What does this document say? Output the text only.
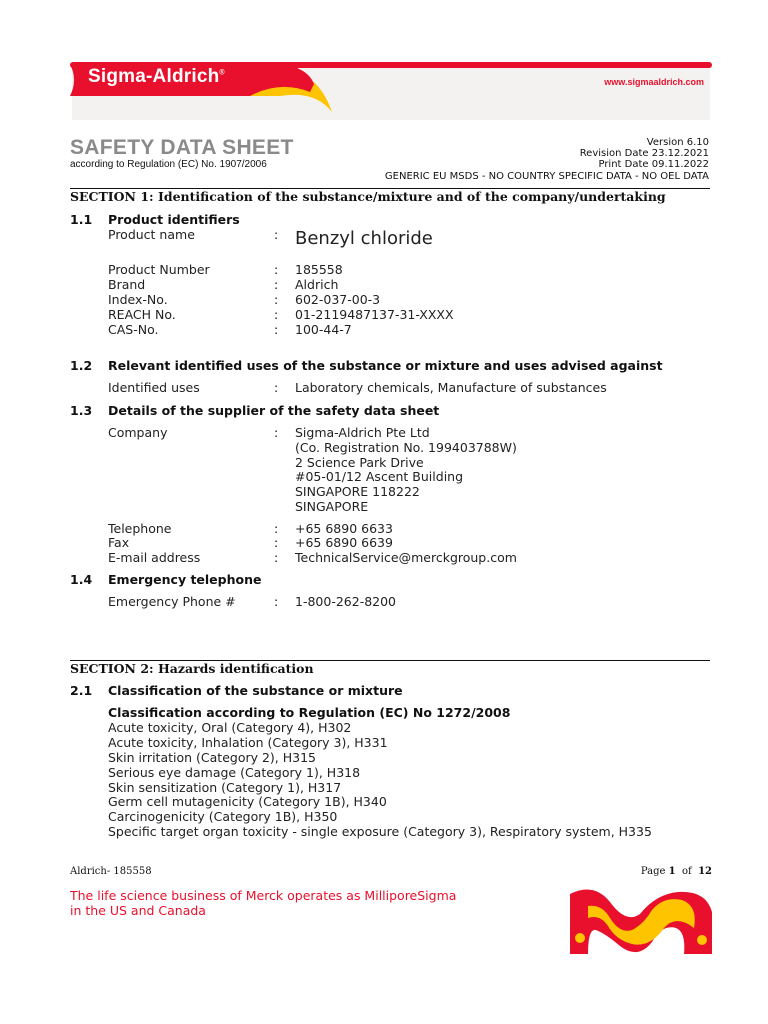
Sigma-Aldrich®
www.sigmaaldrich.com
SAFETY DATA SHEET
according to Regulation (EC) No. 1907/2006
Version 6.10
Revision Date 23.12.2021
Print Date 09.11.2022
GENERIC EU MSDS - NO COUNTRY SPECIFIC DATA - NO OEL DATA
SECTION 1: Identification of the substance/mixture and of the company/undertaking
1.1 Product identifiers
Product name	: Benzyl chloride
Product Number	: 185558
Brand	: Aldrich
Index-No.	: 602-037-00-3
REACH No.	: 01-2119487137-31-XXXX
CAS-No.	: 100-44-7
1.2 Relevant identified uses of the substance or mixture and uses advised against
Identified uses	: Laboratory chemicals, Manufacture of substances
1.3 Details of the supplier of the safety data sheet
Company	: Sigma-Aldrich Pte Ltd
(Co. Registration No. 199403788W)
2 Science Park Drive
#05-01/12 Ascent Building
SINGAPORE 118222
SINGAPORE
Telephone	: +65 6890 6633
Fax	: +65 6890 6639
E-mail address	: TechnicalService@merckgroup.com
1.4 Emergency telephone
Emergency Phone #	: 1-800-262-8200
SECTION 2: Hazards identification
2.1 Classification of the substance or mixture
Classification according to Regulation (EC) No 1272/2008
Acute toxicity, Oral (Category 4), H302
Acute toxicity, Inhalation (Category 3), H331
Skin irritation (Category 2), H315
Serious eye damage (Category 1), H318
Skin sensitization (Category 1), H317
Germ cell mutagenicity (Category 1B), H340
Carcinogenicity (Category 1B), H350
Specific target organ toxicity - single exposure (Category 3), Respiratory system, H335
Aldrich- 185558	Page 1 of 12
The life science business of Merck operates as MilliporeSigma in the US and Canada
